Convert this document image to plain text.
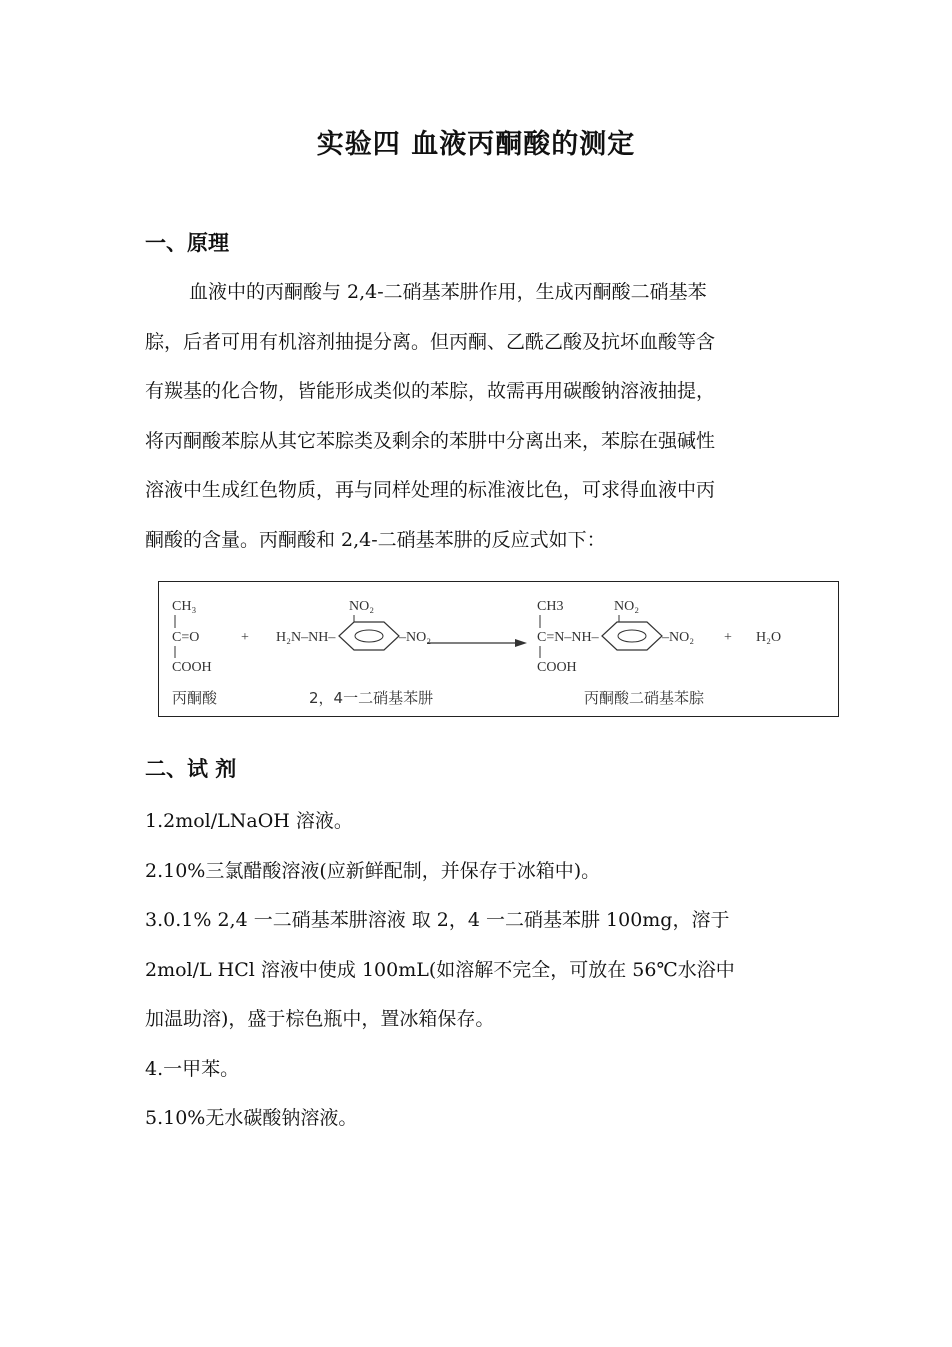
实验四 血液丙酮酸的测定
一、原理

血液中的丙酮酸与 2,4-二硝基苯肼作用，生成丙酮酸二硝基苯
腙，后者可用有机溶剂抽提分离。但丙酮、乙酰乙酸及抗坏血酸等含
有羰基的化合物，皆能形成类似的苯腙，故需再用碳酸钠溶液抽提，
将丙酮酸苯腙从其它苯腙类及剩余的苯肼中分离出来，苯腙在强碱性
溶液中生成红色物质，再与同样处理的标准液比色，可求得血液中丙
酮酸的含量。丙酮酸和 2,4-二硝基苯肼的反应式如下：

CH₃
C=O
COOH
丙酮酸
+ H₂N–NH–
NO₂
–NO₂
2，4一二硝基苯肼
CH3
C=N–NH–
COOH
NO₂
–NO₂
丙酮酸二硝基苯腙
+ H₂O
二、试 剂
1.2mol/LNaOH 溶液。
2.10%三氯醋酸溶液(应新鲜配制，并保存于冰箱中)。
3.0.1% 2,4 一二硝基苯肼溶液 取 2，4 一二硝基苯肼 100mg，溶于
2mol/L HCl 溶液中使成 100mL(如溶解不完全，可放在 56℃水浴中
加温助溶)，盛于棕色瓶中，置冰箱保存。
4.一甲苯。
5.10%无水碳酸钠溶液。
